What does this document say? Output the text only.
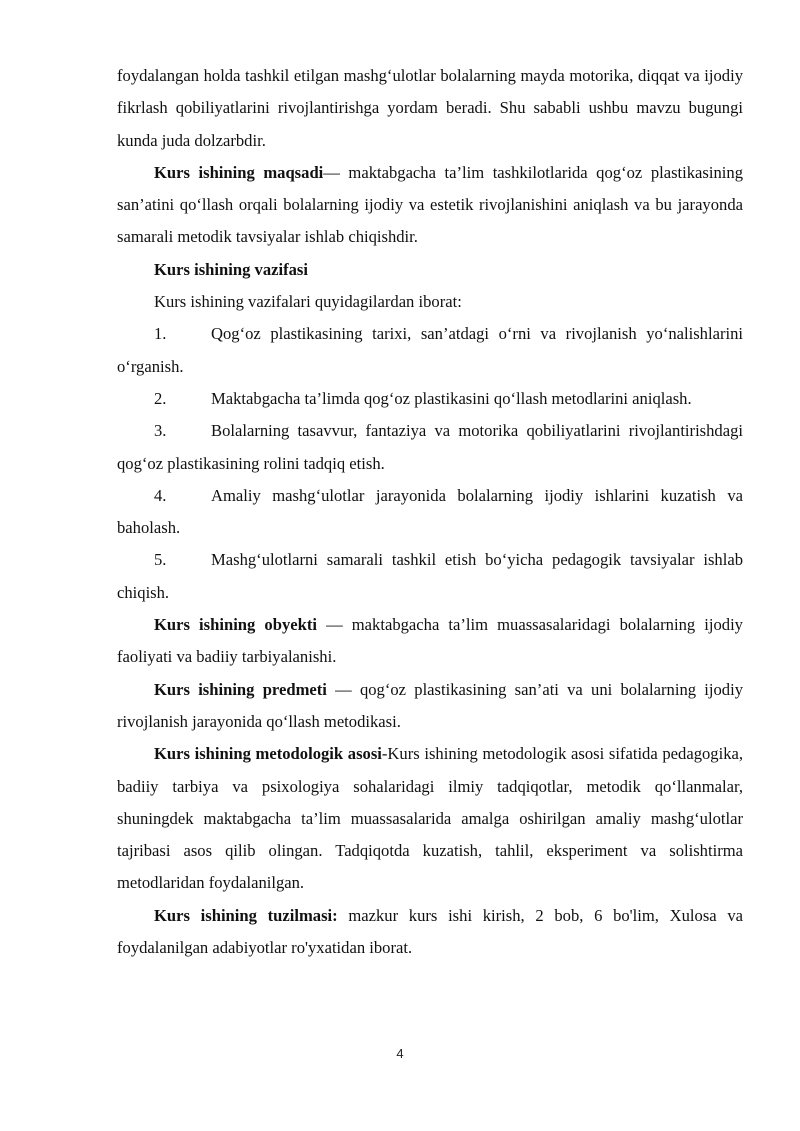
foydalangan holda tashkil etilgan mashg‘ulotlar bolalarning mayda motorika, diqqat va ijodiy fikrlash qobiliyatlarini rivojlantirishga yordam beradi. Shu sababli ushbu mavzu bugungi kunda juda dolzarbdir.

Kurs ishining maqsadi— maktabgacha ta’lim tashkilotlarida qog‘oz plastikasining san’atini qo‘llash orqali bolalarning ijodiy va estetik rivojlanishini aniqlash va bu jarayonda samarali metodik tavsiyalar ishlab chiqishdir.

Kurs ishining vazifasi

Kurs ishining vazifalari quyidagilardan iborat:

1.	Qog‘oz plastikasining tarixi, san’atdagi o‘rni va rivojlanish yo‘nalishlarini o‘rganish.

2.	Maktabgacha ta’limda qog‘oz plastikasini qo‘llash metodlarini aniqlash.

3.	Bolalarning tasavvur, fantaziya va motorika qobiliyatlarini rivojlantirishdagi qog‘oz plastikasining rolini tadqiq etish.

4.	Amaliy mashg‘ulotlar jarayonida bolalarning ijodiy ishlarini kuzatish va baholash.

5.	Mashg‘ulotlarni samarali tashkil etish bo‘yicha pedagogik tavsiyalar ishlab chiqish.

Kurs ishining obyekti — maktabgacha ta’lim muassasalaridagi bolalarning ijodiy faoliyati va badiiy tarbiyalanishi.

Kurs ishining predmeti — qog‘oz plastikasining san’ati va uni bolalarning ijodiy rivojlanish jarayonida qo‘llash metodikasi.

Kurs ishining metodologik asosi-Kurs ishining metodologik asosi sifatida pedagogika, badiiy tarbiya va psixologiya sohalaridagi ilmiy tadqiqotlar, metodik qo‘llanmalar, shuningdek maktabgacha ta’lim muassasalarida amalga oshirilgan amaliy mashg‘ulotlar tajribasi asos qilib olingan. Tadqiqotda kuzatish, tahlil, eksperiment va solishtirma metodlaridan foydalanilgan.

Kurs ishining tuzilmasi: mazkur kurs ishi kirish, 2 bob, 6 bo'lim, Xulosa va foydalanilgan adabiyotlar ro'yxatidan iborat.

4
